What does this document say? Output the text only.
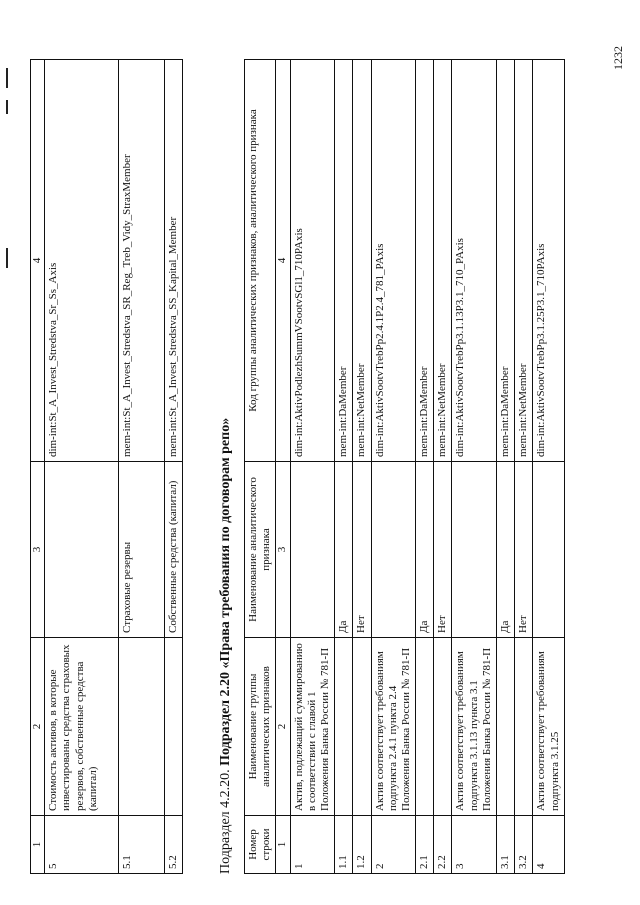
1232
1	2	3	4
5	Стоимость активов, в которые инвестированы средства страховых резервов, собственные средства (капитал)		dim-int:St_A_Invest_Stredstva_Sr_Ss_Axis
5.1		Страховые резервы	mem-int:St_A_Invest_Stredstva_SR_Reg_Treb_Vidy_StraxMember
5.2		Собственные средства (капитал)	mem-int:St_A_Invest_Stredstva_SS_Kapital_Member
Подраздел 4.2.20. Подраздел 2.20 «Права требования по договорам репо»
Номер строки	Наименование группы аналитических признаков	Наименование аналитического признака	Код группы аналитических признаков, аналитического признака
1	2	3	4
1	Актив, подлежащий суммированию в соответствии с главой 1 Положения Банка России № 781-П		dim-int:AktivPodlezhSummVSootvSGl1_710PAxis
1.1		Да	mem-int:DaMember
1.2		Нет	mem-int:NetMember
2	Актив соответствует требованиям подпункта 2.4.1 пункта 2.4 Положения Банка России № 781-П		dim-int:AktivSootvTrebPp2.4.1P2.4_781_PAxis
2.1		Да	mem-int:DaMember
2.2		Нет	mem-int:NetMember
3	Актив соответствует требованиям подпункта 3.1.13 пункта 3.1 Положения Банка России № 781-П		dim-int:AktivSootvTrebPp3.1.13P3.1_710_PAxis
3.1		Да	mem-int:DaMember
3.2		Нет	mem-int:NetMember
4	Актив соответствует требованиям подпункта 3.1.25		dim-int:AktivSootvTrebPp3.1.25P3.1_710PAxis
